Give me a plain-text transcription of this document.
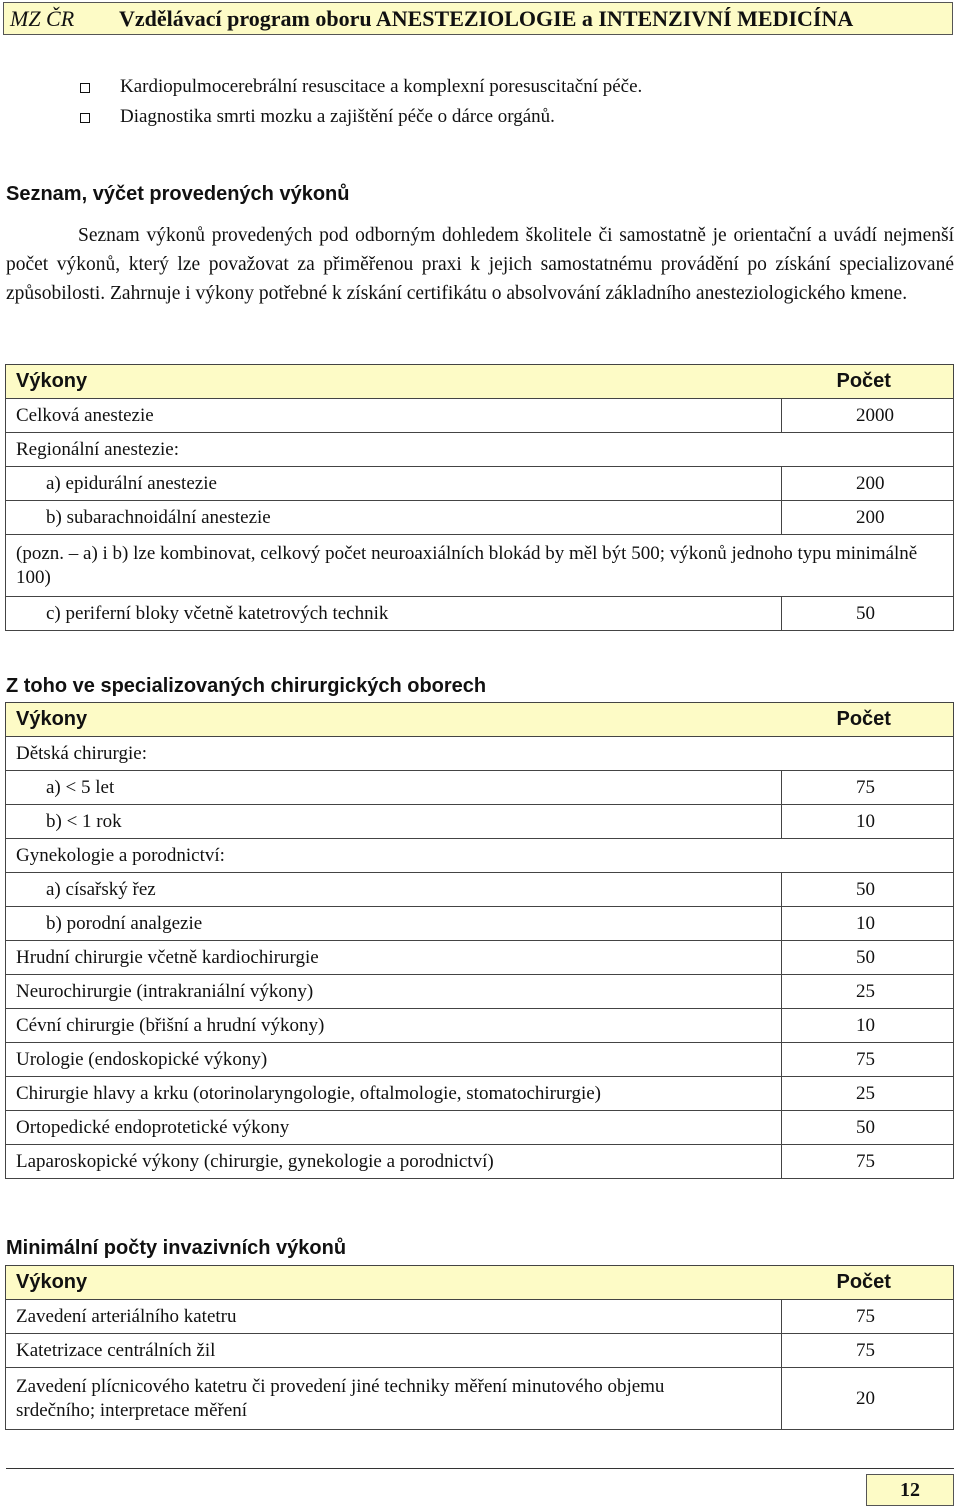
MZ ČR Vzdělávací program oboru ANESTEZIOLOGIE a INTENZIVNÍ MEDICÍNA
Kardiopulmocerebrální resuscitace a komplexní poresuscitační péče.
Diagnostika smrti mozku a zajištění péče o dárce orgánů.
Seznam, výčet provedených výkonů
Seznam výkonů provedených pod odborným dohledem školitele či samostatně je orientační a uvádí nejmenší počet výkonů, který lze považovat za přiměřenou praxi k jejich samostatnému provádění po získání specializované způsobilosti. Zahrnuje i výkony potřebné k získání certifikátu o absolvování základního anesteziologického kmene.
Výkony	Počet
Celková anestezie	2000
Regionální anestezie:	
a) epidurální anestezie	200
b) subarachnoidální anestezie	200
(pozn. – a) i b) lze kombinovat, celkový počet neuroaxiálních blokád by měl být 500; výkonů jednoho typu minimálně 100)	
c) periferní bloky včetně katetrových technik	50
Z toho ve specializovaných chirurgických oborech
Výkony	Počet
Dětská chirurgie:	
a) < 5 let	75
b) < 1 rok	10
Gynekologie a porodnictví:	
a) císařský řez	50
b) porodní analgezie	10
Hrudní chirurgie včetně kardiochirurgie	50
Neurochirurgie (intrakraniální výkony)	25
Cévní chirurgie (břišní a hrudní výkony)	10
Urologie (endoskopické výkony)	75
Chirurgie hlavy a krku (otorinolaryngologie, oftalmologie, stomatochirurgie)	25
Ortopedické endoprotetické výkony	50
Laparoskopické výkony (chirurgie, gynekologie a porodnictví)	75
Minimální počty invazivních výkonů
Výkony	Počet
Zavedení arteriálního katetru	75
Katetrizace centrálních žil	75
Zavedení plícnicového katetru či provedení jiné techniky měření minutového objemu srdečního; interpretace měření	20
12
